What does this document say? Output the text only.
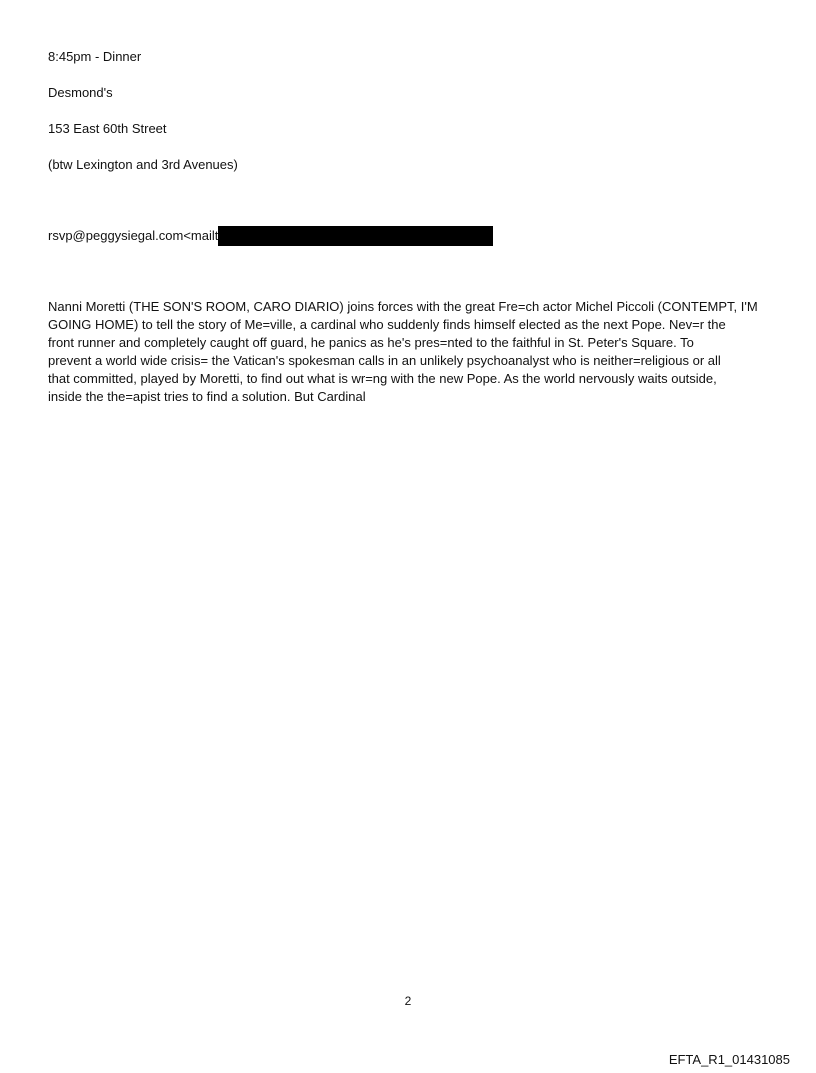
8:45pm - Dinner
Desmond's
153 East 60th Street
(btw Lexington and 3rd Avenues)
rsvp@peggysiegal.com<mailt
Nanni Moretti (THE SON'S ROOM, CARO DIARIO) joins forces with the great Fre=ch actor Michel Piccoli (CONTEMPT, I'M
GOING HOME) to tell the story of Me=ville, a cardinal who suddenly finds himself elected as the next Pope. Nev=r the
front runner and completely caught off guard, he panics as he's pres=nted to the faithful in St. Peter's Square. To
prevent a world wide crisis= the Vatican's spokesman calls in an unlikely psychoanalyst who is neither=religious or all
that committed, played by Moretti, to find out what is wr=ng with the new Pope. As the world nervously waits outside,
inside the the=apist tries to find a solution. But Cardinal
2
EFTA_R1_01431085
